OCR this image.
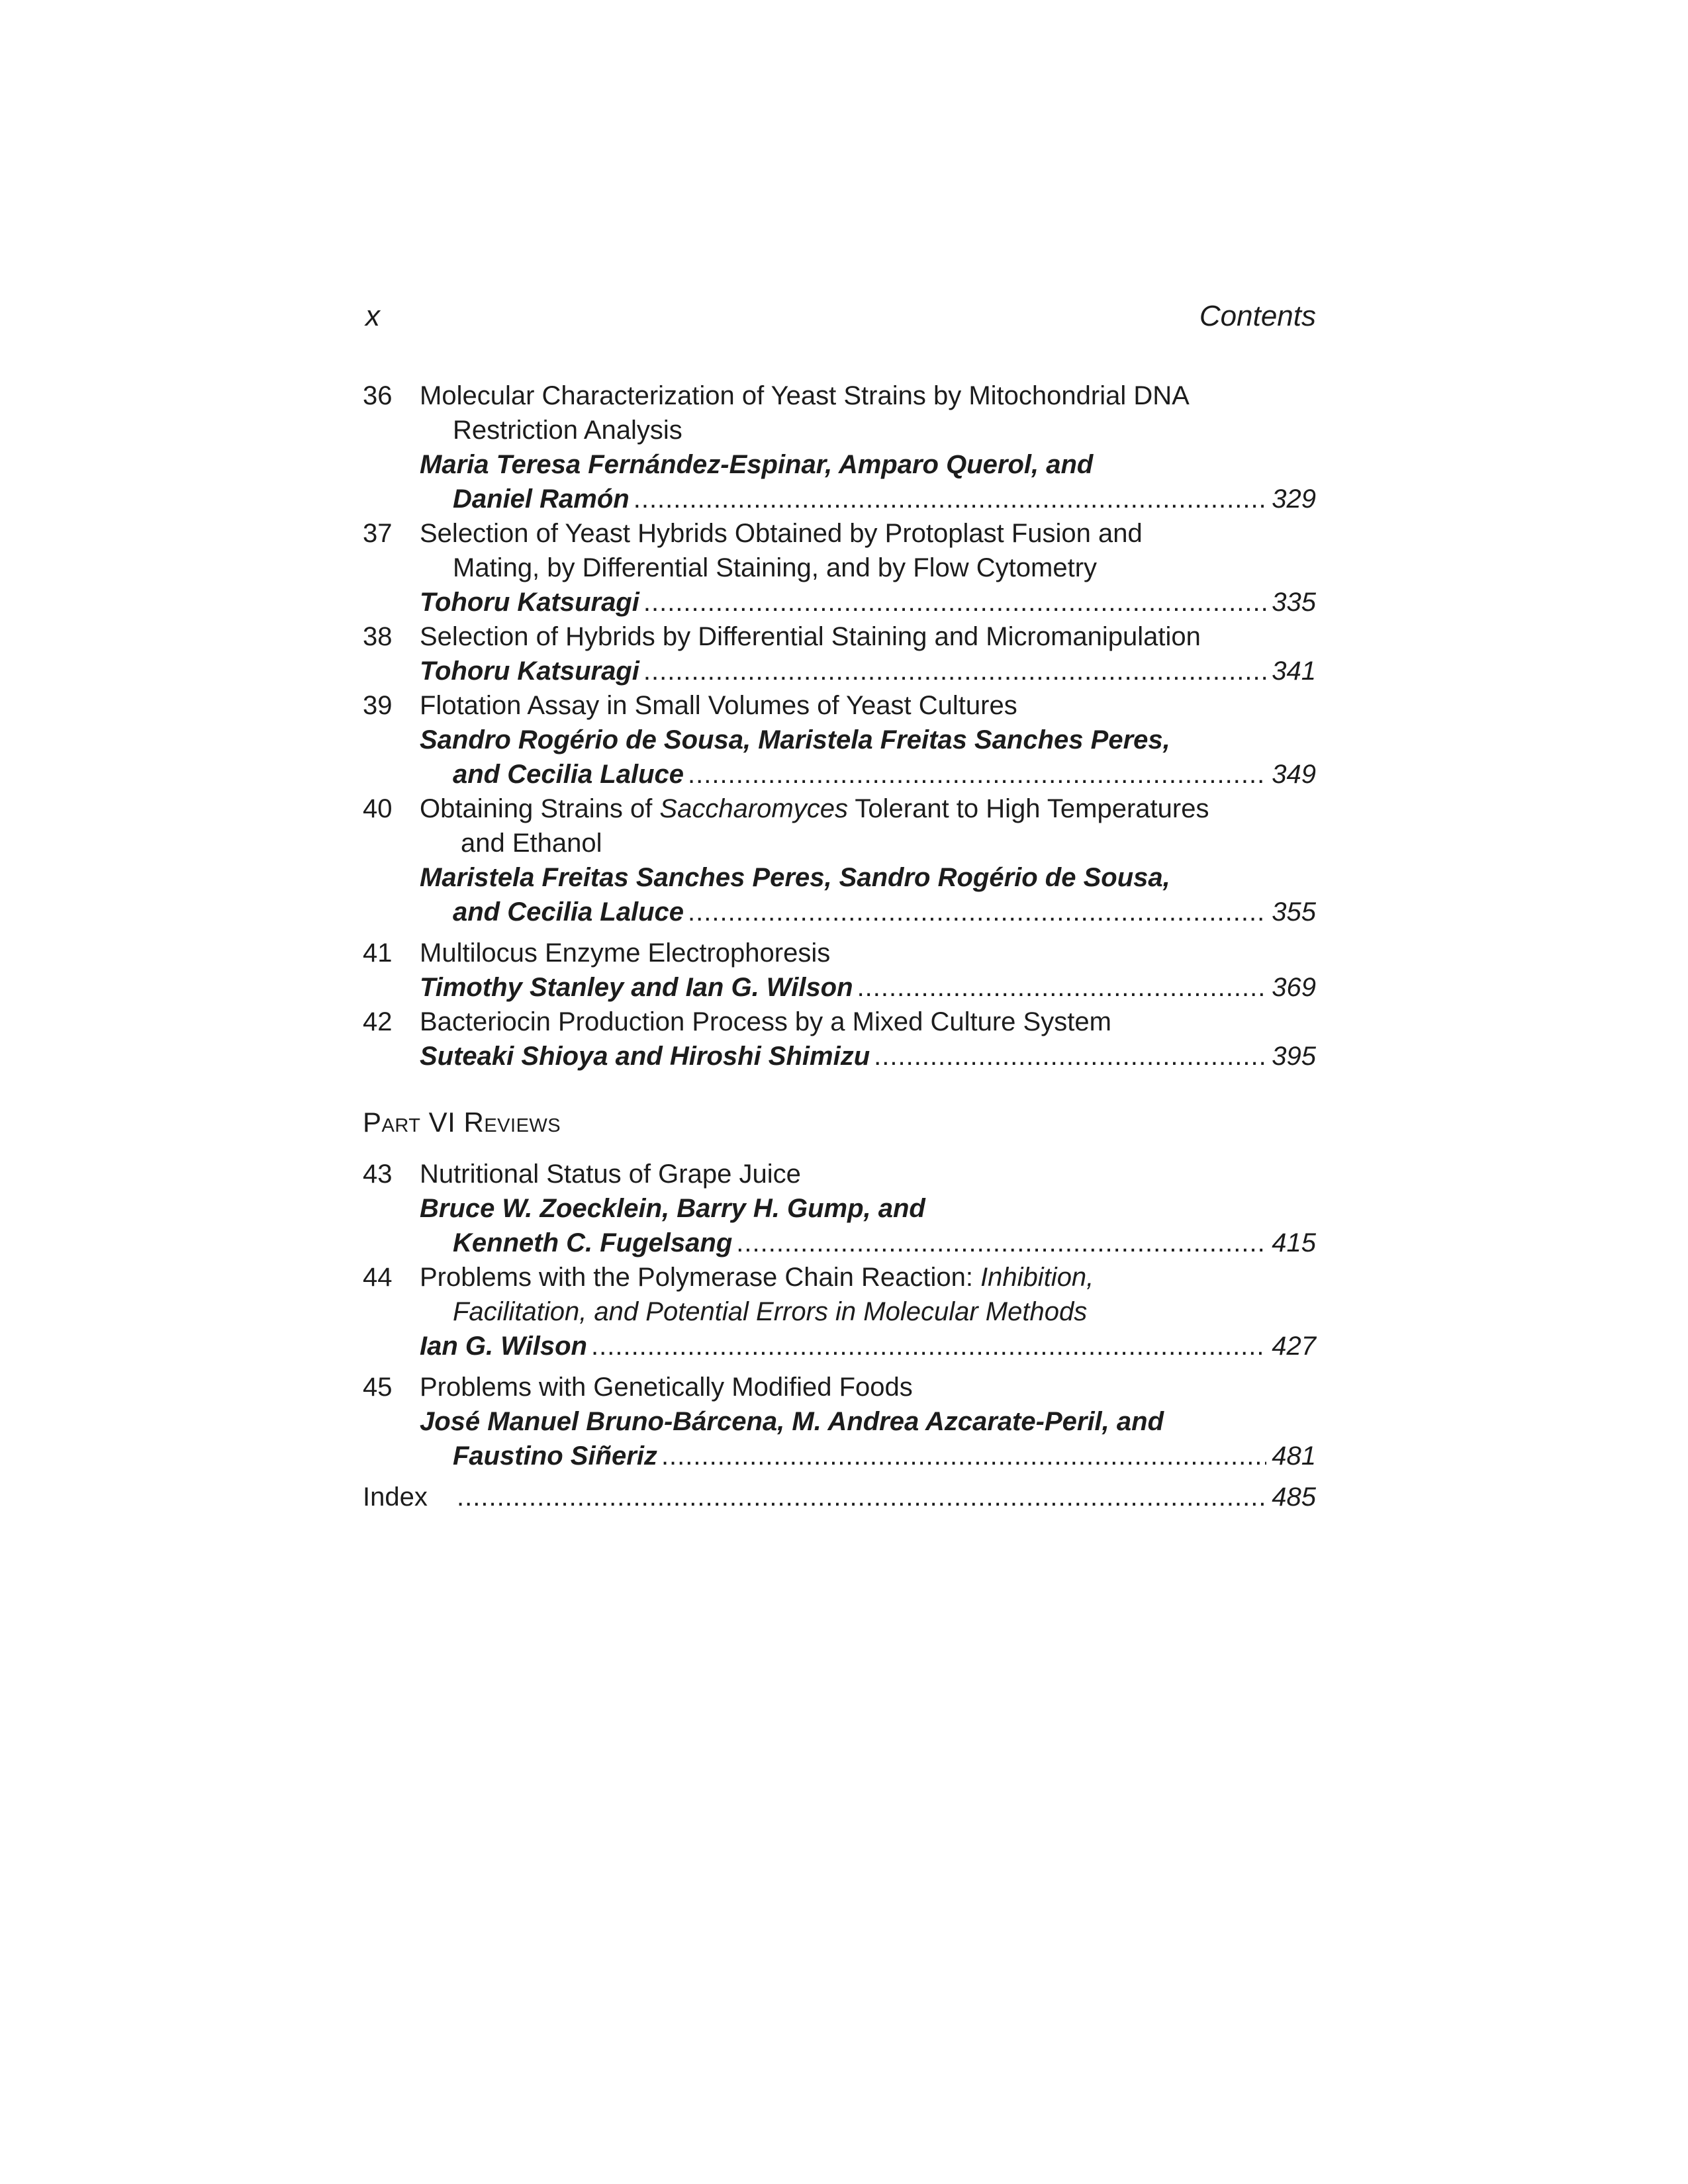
x	Contents
36	Molecular Characterization of Yeast Strains by Mitochondrial DNA
Restriction Analysis
Maria Teresa Fernández-Espinar, Amparo Querol, and
Daniel Ramón .....	329
37	Selection of Yeast Hybrids Obtained by Protoplast Fusion and
Mating, by Differential Staining, and by Flow Cytometry
Tohoru Katsuragi .....	335
38	Selection of Hybrids by Differential Staining and Micromanipulation
Tohoru Katsuragi .....	341
39	Flotation Assay in Small Volumes of Yeast Cultures
Sandro Rogério de Sousa, Maristela Freitas Sanches Peres,
and Cecilia Laluce .....	349
40	Obtaining Strains of Saccharomyces Tolerant to High Temperatures
and Ethanol
Maristela Freitas Sanches Peres, Sandro Rogério de Sousa,
and Cecilia Laluce .....	355
41	Multilocus Enzyme Electrophoresis
Timothy Stanley and Ian G. Wilson .....	369
42	Bacteriocin Production Process by a Mixed Culture System
Suteaki Shioya and Hiroshi Shimizu .....	395
Part VI Reviews
43	Nutritional Status of Grape Juice
Bruce W. Zoecklein, Barry H. Gump, and
Kenneth C. Fugelsang .....	415
44	Problems with the Polymerase Chain Reaction: Inhibition,
Facilitation, and Potential Errors in Molecular Methods
Ian G. Wilson .....	427
45	Problems with Genetically Modified Foods
José Manuel Bruno-Bárcena, M. Andrea Azcarate-Peril, and
Faustino Siñeriz .....	481
Index .....	485
